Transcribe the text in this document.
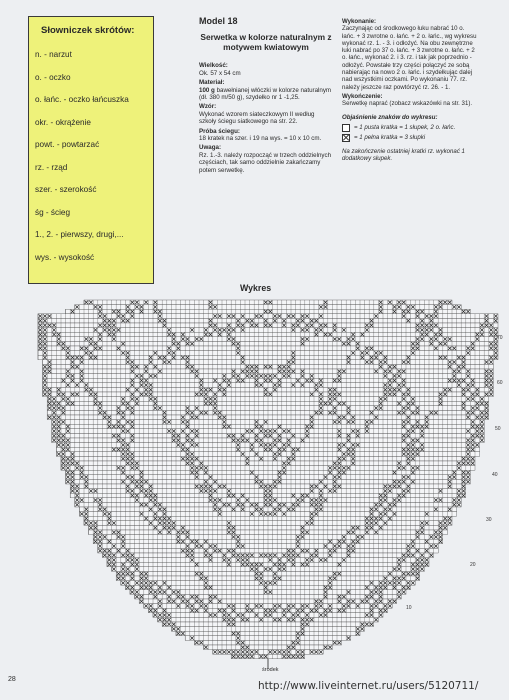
Słowniczek skrótów:
n. - narzut
o. - oczko
o. łańc. - oczko łańcuszka
okr. - okrążenie
powt. - powtarzać
rz. - rząd
szer. - szerokość
śg - ścieg
1., 2. - pierwszy, drugi,...
wys. - wysokość
Model 18
Serwetka w kolorze naturalnym z motywem kwiatowym

Wielkość:
Ok. 57 x 54 cm

Materiał:
100 g bawełnianej włóczki w kolorze naturalnym (dł. 380 m/50 g), szydełko nr 1 -1,25.

Wzór:
Wykonać wzorem siateczkowym II według szkoły ściegu siatkowego na str. 22.

Próba ściegu:
18 kratek na szer. i 19 na wys. = 10 x 10 cm.

Uwaga:
Rz. 1.-3. należy rozpocząć w trzech oddzielnych częściach, tak samo oddzielnie zakańczamy potem serwetkę.

Wykonanie:
Zaczynając od środkowego łuku nabrać 10 o. łańc. + 3 zwrotne o. łańc. + 2 o. łańc., wg wykresu wykonać rz. 1. - 3. i odłożyć. Na obu zewnętrzne łuki nabrać po 37 o. łańc. + 3 zwrotne o. łańc. + 2 o. łańc., wykonać 2. i 3. rz. i tak jak poprzednio - odłożyć. Powstałe trzy części połączyć ze sobą nabierając na nowo 2 o. łańc. i szydełkując dalej nad wszystkimi oczkami. Po wykonaniu 77. rz. należy jeszcze raz powtórzyć rz. 26. - 1.

Wykończenie:
Serwetkę naprać (zobacz wskazówki na str. 31).

Objaśnienie znaków do wykresu:

= 1 pusta kratka = 1 słupek, 2 o. łańc.
= 1 pełna kratka = 3 słupki

Na zakończenie ostatniej kratki rz. wykonać 1 dodatkowy słupek.

Wykres
70
60
50
40
30
20
10
środek
28
http://www.liveinternet.ru/users/5120711/
